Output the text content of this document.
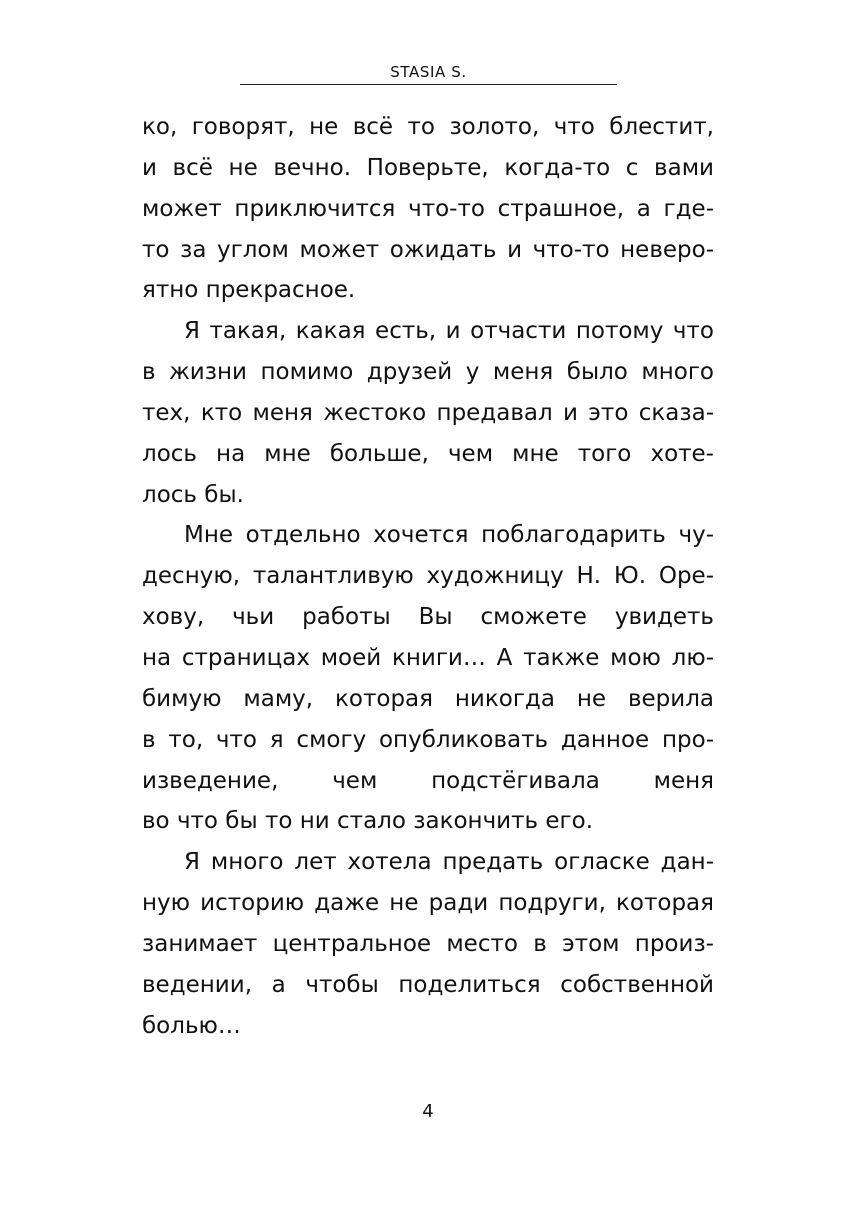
STASIA S.
ко, говорят, не всё то золото, что блестит,
и всё не вечно. Поверьте, когда-то с вами
может приключится что-то страшное, а где-
то за углом может ожидать и что-то неверо-
ятно прекрасное.
Я такая, какая есть, и отчасти потому что
в жизни помимо друзей у меня было много
тех, кто меня жестоко предавал и это сказа-
лось на мне больше, чем мне того хоте-
лось бы.
Мне отдельно хочется поблагодарить чу-
десную, талантливую художницу Н. Ю. Оре-
хову, чьи работы Вы сможете увидеть
на страницах моей книги… А также мою лю-
бимую маму, которая никогда не верила
в то, что я смогу опубликовать данное про-
изведение, чем подстёгивала меня
во что бы то ни стало закончить его.
Я много лет хотела предать огласке дан-
ную историю даже не ради подруги, которая
занимает центральное место в этом произ-
ведении, а чтобы поделиться собственной
болью…
4
